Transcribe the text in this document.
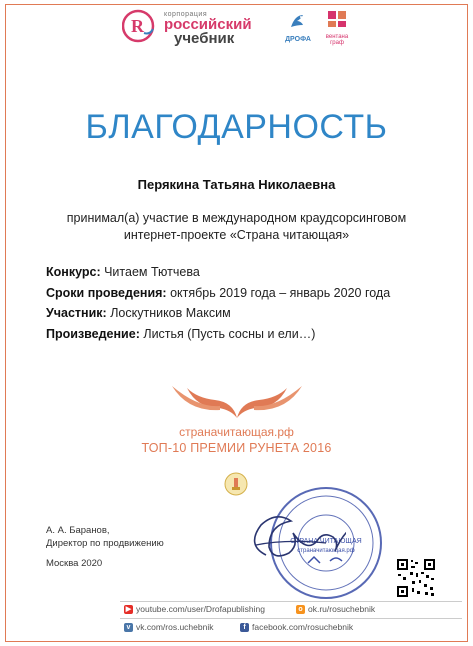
R
корпорация
российский
учебник	ДРОФА	вентана
граф
БЛАГОДАРНОСТЬ
Перякина Татьяна Николаевна
принимал(а) участие в международном краудсорсинговом интернет-проекте «Страна читающая»
Конкурс: Читаем Тютчева
Сроки проведения: октябрь 2019 года – январь 2020 года
Участник: Лоскутников Максим
Произведение: Листья (Пусть сосны и ели…)
страначитающая.рф
ТОП-10 ПРЕМИИ РУНЕТА 2016
А. А. Баранов,
Директор по продвижению
Москва 2020
СТРАНА ЧИТАЮЩАЯ
страначитающая.рф
▶ youtube.com/user/Drofapublishing	o ok.ru/rosuchebnik
v vk.com/ros.uchebnik	f facebook.com/rosuchebnik
